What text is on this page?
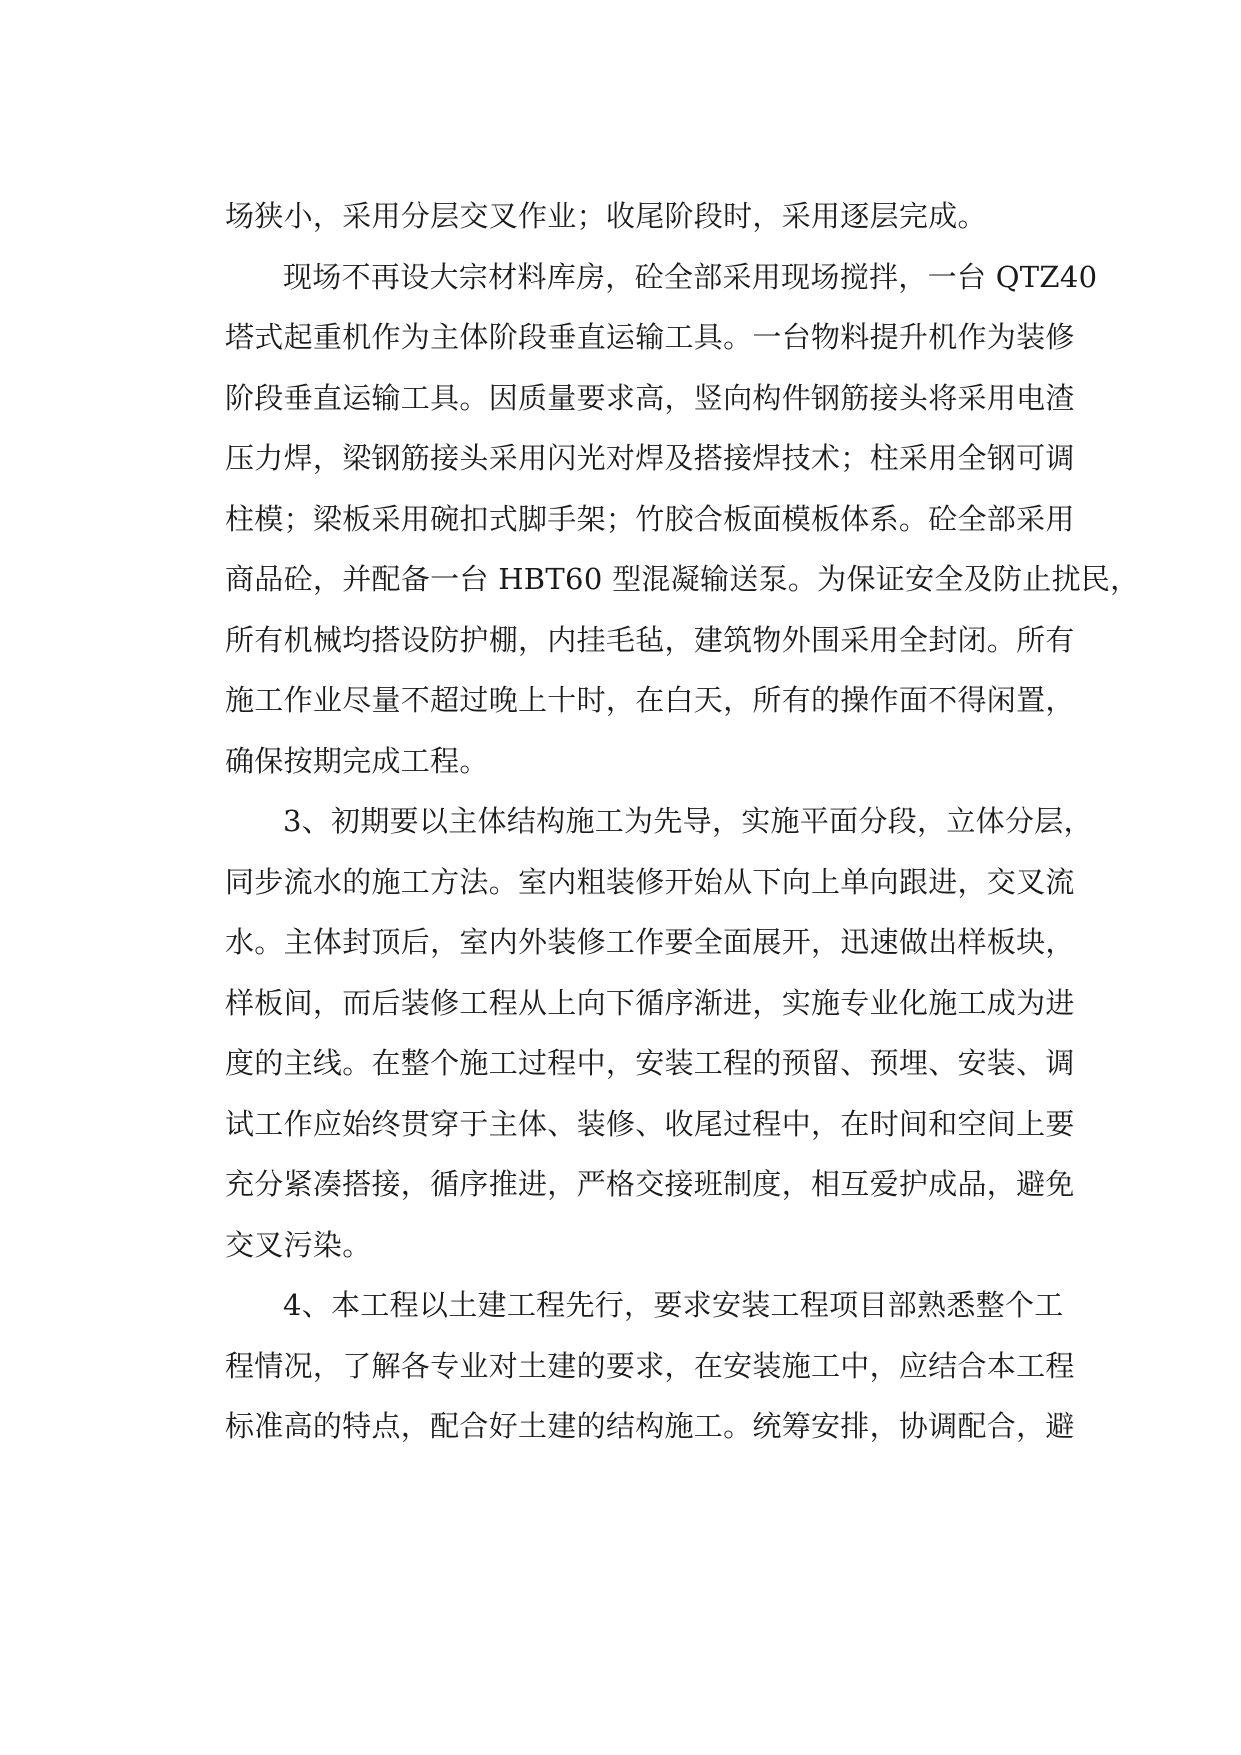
场狭小，采用分层交叉作业；收尾阶段时，采用逐层完成。
现场不再设大宗材料库房，砼全部采用现场搅拌，一台 QTZ40
塔式起重机作为主体阶段垂直运输工具。一台物料提升机作为装修
阶段垂直运输工具。因质量要求高，竖向构件钢筋接头将采用电渣
压力焊，梁钢筋接头采用闪光对焊及搭接焊技术；柱采用全钢可调
柱模；梁板采用碗扣式脚手架；竹胶合板面模板体系。砼全部采用
商品砼，并配备一台 HBT60 型混凝输送泵。为保证安全及防止扰民，
所有机械均搭设防护棚，内挂毛毡，建筑物外围采用全封闭。所有
施工作业尽量不超过晚上十时，在白天，所有的操作面不得闲置，
确保按期完成工程。
3、初期要以主体结构施工为先导，实施平面分段，立体分层，
同步流水的施工方法。室内粗装修开始从下向上单向跟进，交叉流
水。主体封顶后，室内外装修工作要全面展开，迅速做出样板块，
样板间，而后装修工程从上向下循序渐进，实施专业化施工成为进
度的主线。在整个施工过程中，安装工程的预留、预埋、安装、调
试工作应始终贯穿于主体、装修、收尾过程中，在时间和空间上要
充分紧凑搭接，循序推进，严格交接班制度，相互爱护成品，避免
交叉污染。
4、本工程以土建工程先行，要求安装工程项目部熟悉整个工
程情况，了解各专业对土建的要求，在安装施工中，应结合本工程
标准高的特点，配合好土建的结构施工。统筹安排，协调配合，避
